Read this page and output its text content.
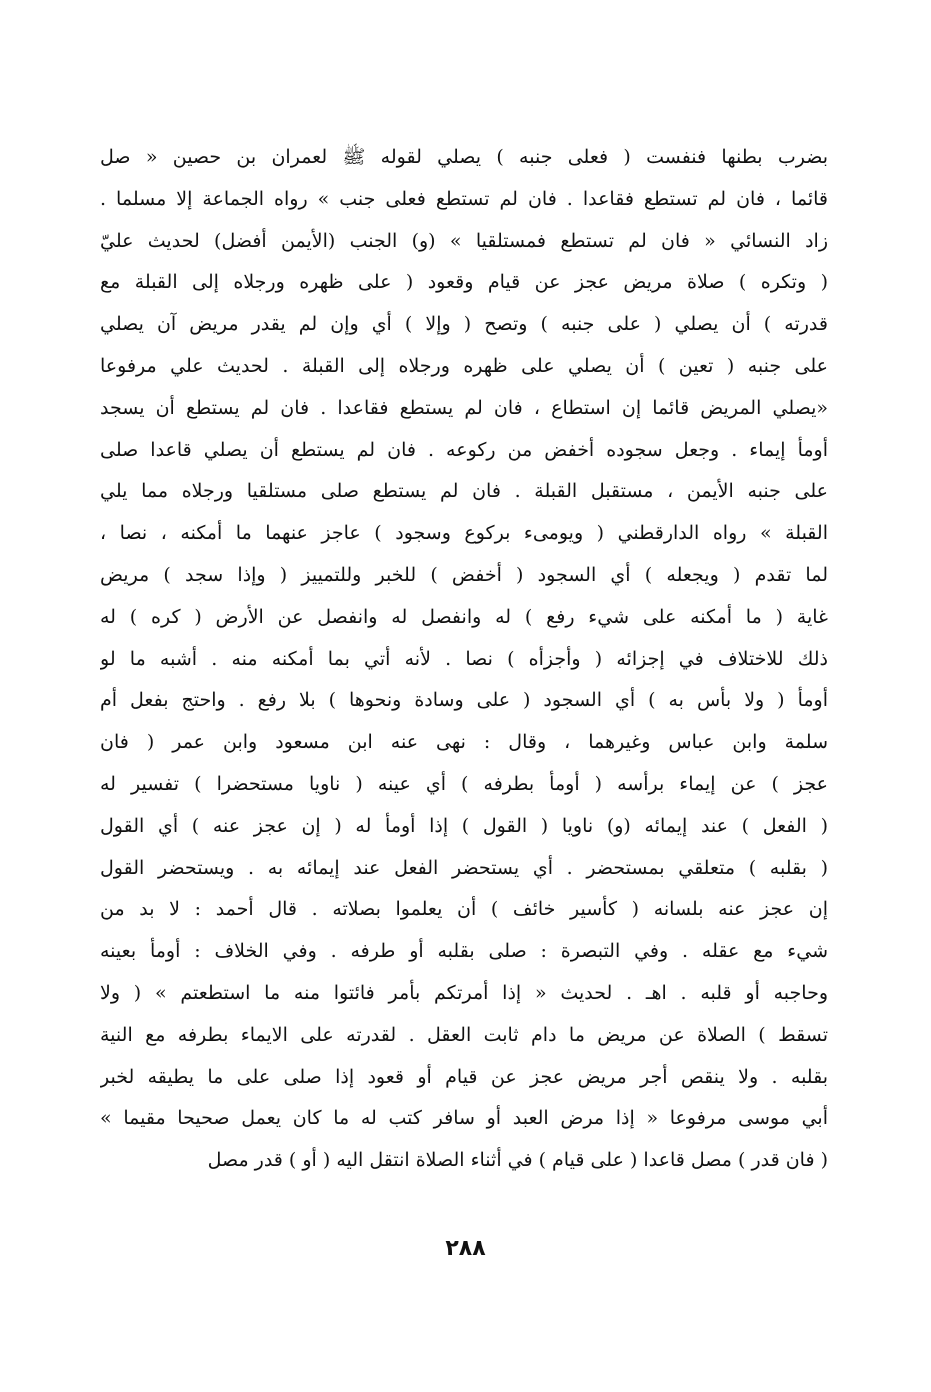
بضرب بطنها فنفست ( فعلى جنبه ) يصلي لقوله ﷺ لعمران بن حصين « صل
قائما ، فان لم تستطع فقاعدا . فان لم تستطع فعلى جنب » رواه الجماعة إلا مسلما .
زاد النسائي « فان لم تستطع فمستلقيا » (و) الجنب (الأيمن أفضل) لحديث عليّ
( وتكره ) صلاة مريض عجز عن قيام وقعود ( على ظهره ورجلاه إلى القبلة مع
قدرته ) أن يصلي ( على جنبه ) وتصح ( وإلا ) أي وإن لم يقدر مريض آن يصلي
على جنبه ( تعين ) أن يصلي على ظهره ورجلاه إلى القبلة . لحديث علي مرفوعا
«يصلي المريض قائما إن استطاع ، فان لم يستطع فقاعدا . فان لم يستطع أن يسجد
أومأ إيماء . وجعل سجوده أخفض من ركوعه . فان لم يستطع أن يصلي قاعدا صلى
على جنبه الأيمن ، مستقبل القبلة . فان لم يستطع صلى مستلقيا ورجلاه مما يلي
القبلة » رواه الدارقطني ( ويومىء بركوع وسجود ) عاجز عنهما ما أمكنه ، نصا ،
لما تقدم ( ويجعله ) أي السجود ( أخفض ) للخبر وللتمييز ( وإذا سجد ) مريض
غاية ( ما أمكنه على شيء رفع ) له وانفصل له وانفصل عن الأرض ( كره ) له
ذلك للاختلاف في إجزائه ( وأجزأه ) نصا . لأنه أتي بما أمكنه منه . أشبه ما لو
أومأ ( ولا بأس به ) أي السجود ( على وسادة ونحوها ) بلا رفع . واحتج بفعل أم
سلمة وابن عباس وغيرهما ، وقال : نهى عنه ابن مسعود وابن عمر ( فان
عجز ) عن إيماء برأسه ( أومأ بطرفه ) أي عينه ( ناويا مستحضرا ) تفسير له
( الفعل ) عند إيمائه (و) ناويا ( القول ) إذا أومأ له ( إن عجز عنه ) أي القول
( بقلبه ) متعلقي بمستحضر . أي يستحضر الفعل عند إيمائه به . ويستحضر القول
إن عجز عنه بلسانه ( كأسير خائف ) أن يعلموا بصلاته . قال أحمد : لا بد من
شيء مع عقله . وفي التبصرة : صلى بقلبه أو طرفه . وفي الخلاف : أومأ بعينه
وحاجبه أو قلبه . اهـ . لحديث « إذا أمرتكم بأمر فائتوا منه ما استطعتم » ( ولا
تسقط ) الصلاة عن مريض ما دام ثابت العقل . لقدرته على الايماء بطرفه مع النية
بقلبه . ولا ينقص أجر مريض عجز عن قيام أو قعود إذا صلى على ما يطيقه لخبر
أبي موسى مرفوعا « إذا مرض العبد أو سافر كتب له ما كان يعمل صحيحا مقيما »
( فان قدر ) مصل قاعدا ( على قيام ) في أثناء الصلاة انتقل اليه ( أو ) قدر مصل
٢٨٨
